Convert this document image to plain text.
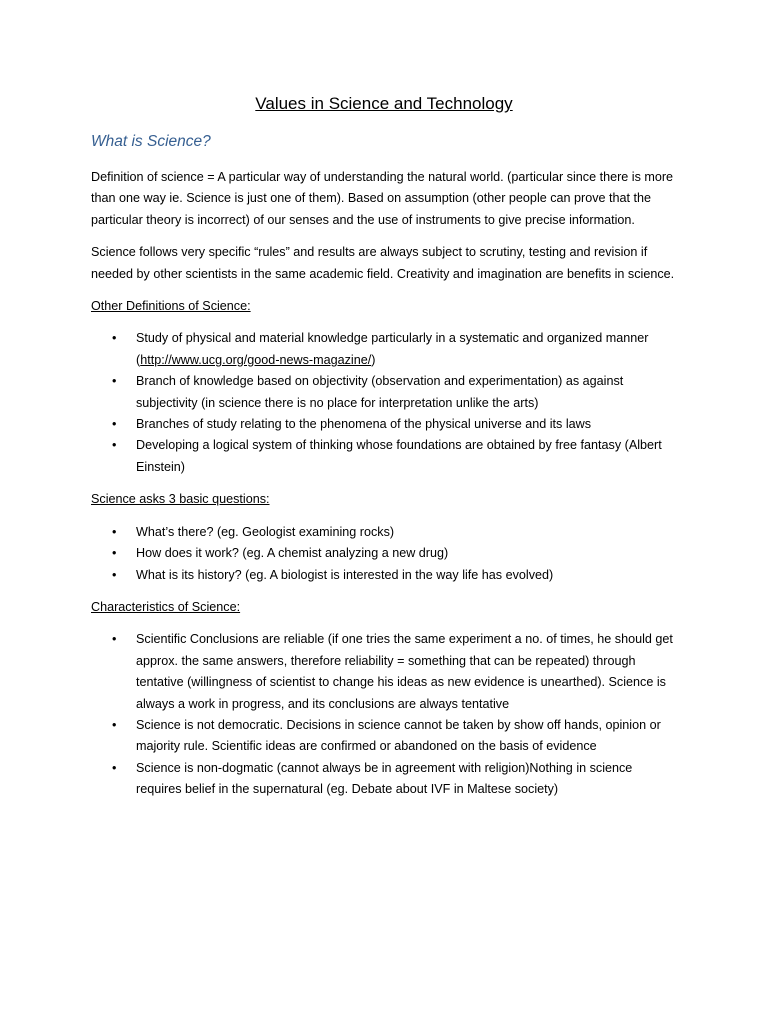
Values in Science and Technology
What is Science?

Definition of science = A particular way of understanding the natural world. (particular since there is more than one way ie. Science is just one of them). Based on assumption (other people can prove that the particular theory is incorrect) of our senses and the use of instruments to give precise information.

Science follows very specific “rules” and results are always subject to scrutiny, testing and revision if needed by other scientists in the same academic field. Creativity and imagination are benefits in science.

Other Definitions of Science:

• Study of physical and material knowledge particularly in a systematic and organized manner (http://www.ucg.org/good-news-magazine/)
• Branch of knowledge based on objectivity (observation and experimentation) as against subjectivity (in science there is no place for interpretation unlike the arts)
• Branches of study relating to the phenomena of the physical universe and its laws
• Developing a logical system of thinking whose foundations are obtained by free fantasy (Albert Einstein)

Science asks 3 basic questions:

• What’s there? (eg. Geologist examining rocks)
• How does it work? (eg. A chemist analyzing a new drug)
• What is its history? (eg. A biologist is interested in the way life has evolved)

Characteristics of Science:

• Scientific Conclusions are reliable (if one tries the same experiment a no. of times, he should get approx. the same answers, therefore reliability = something that can be repeated) through tentative (willingness of scientist to change his ideas as new evidence is unearthed). Science is always a work in progress, and its conclusions are always tentative
• Science is not democratic. Decisions in science cannot be taken by show off hands, opinion or majority rule. Scientific ideas are confirmed or abandoned on the basis of evidence
• Science is non-dogmatic (cannot always be in agreement with religion)Nothing in science requires belief in the supernatural (eg. Debate about IVF in Maltese society)
